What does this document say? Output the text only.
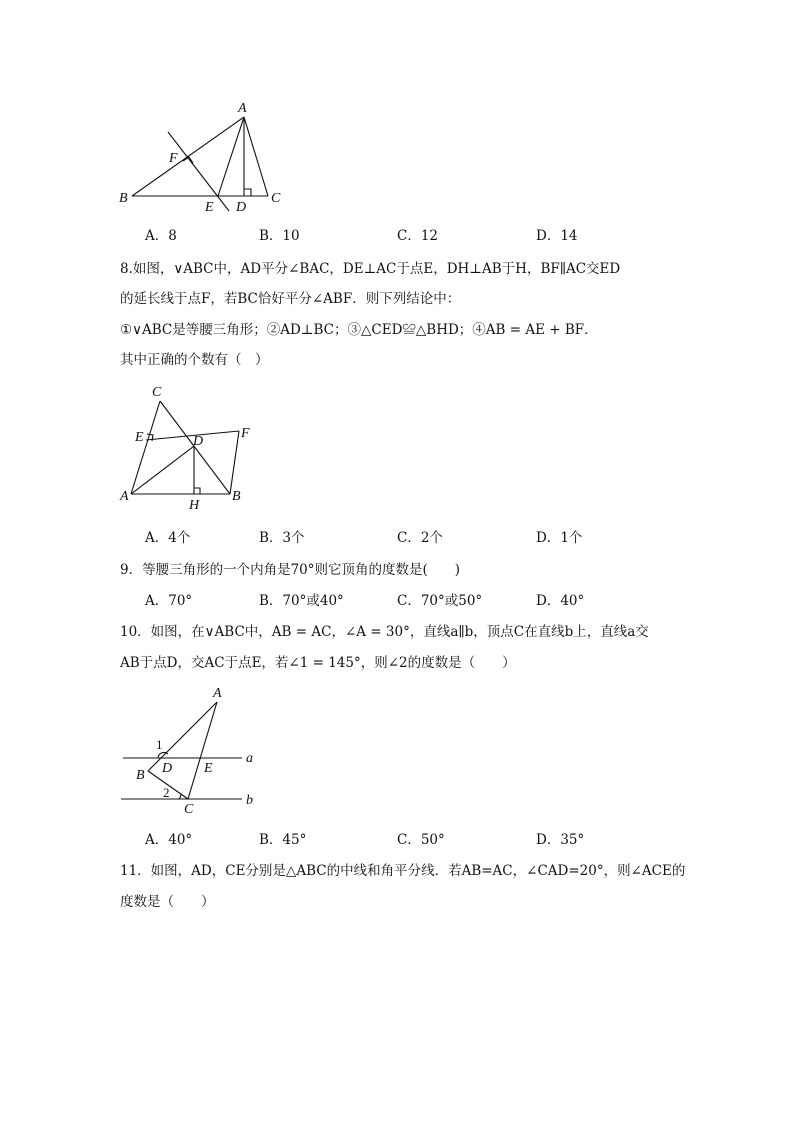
A
B	C
D
E
F
A．8	B．10	C．12	D．14
8.如图，∨ABC中，AD平分∠BAC，DE⊥AC于点E，DH⊥AB于H，BF∥AC交ED
的延长线于点F，若BC恰好平分∠ABF．则下列结论中：
①∨ABC是等腰三角形；②AD⊥BC；③△CED≌△BHD；④AB = AE + BF．
其中正确的个数有（　）
C
E	D
F
A	B
H
A．4个	B．3个	C．2个	D．1个
9．等腰三角形的一个内角是70°则它顶角的度数是(　　)
A．70°	B．70°或40°	C．70°或50°	D．40°
10．如图，在∨ABC中，AB = AC，∠A = 30°，直线a∥b，顶点C在直线b上，直线a交
AB于点D，交AC于点E，若∠1 = 145°，则∠2的度数是（　　）
A
1
D E
a
B
2
C
b
A．40°	B．45°	C．50°	D．35°
11．如图，AD，CE分别是△ABC的中线和角平分线．若AB=AC，∠CAD=20°，则∠ACE的
度数是（　　）
